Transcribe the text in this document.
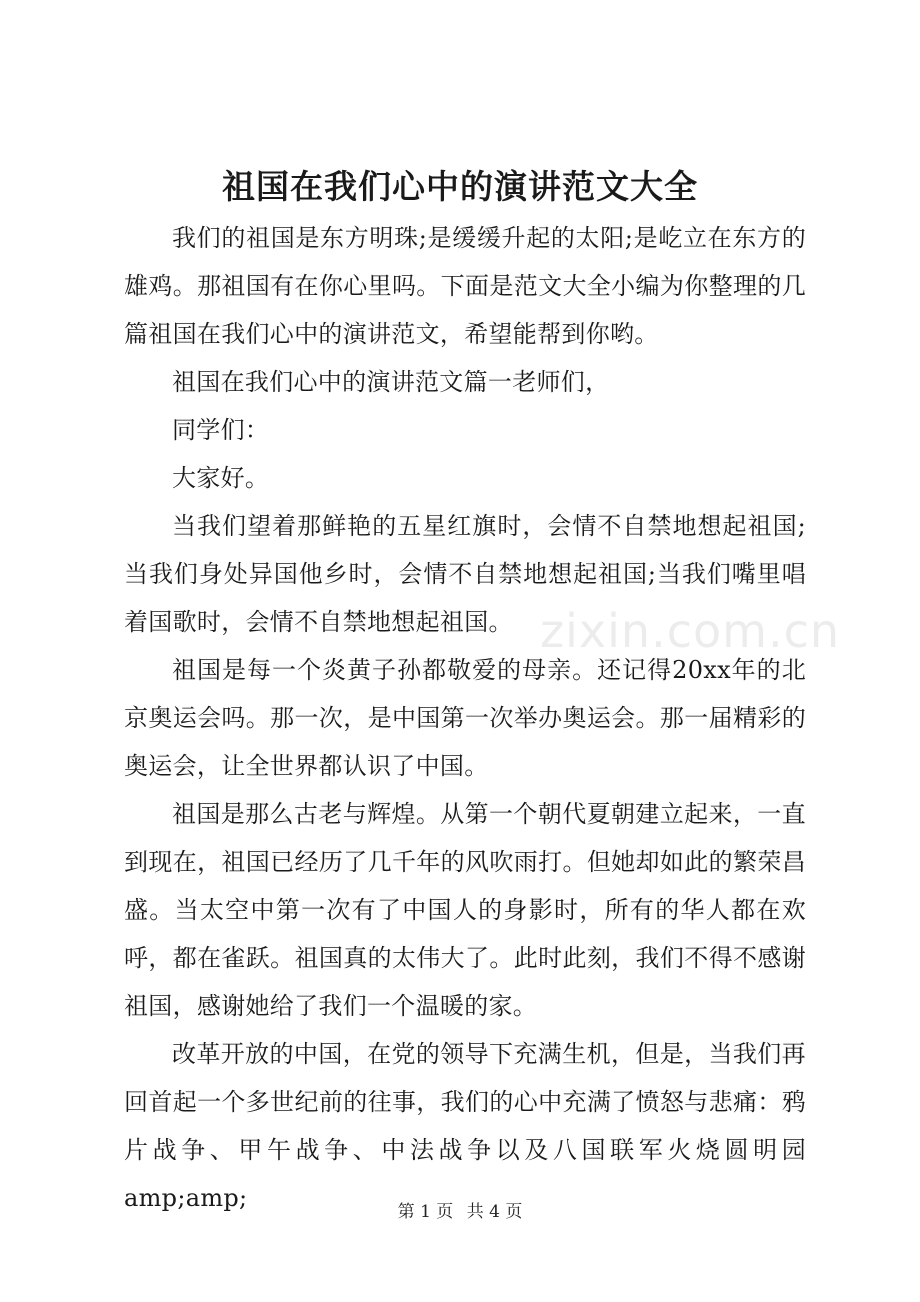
祖国在我们心中的演讲范文大全

我们的祖国是东方明珠;是缓缓升起的太阳;是屹立在东方的雄鸡。那祖国有在你心里吗。下面是范文大全小编为你整理的几篇祖国在我们心中的演讲范文，希望能帮到你哟。

祖国在我们心中的演讲范文篇一老师们，

同学们：

大家好。

当我们望着那鲜艳的五星红旗时，会情不自禁地想起祖国;当我们身处异国他乡时，会情不自禁地想起祖国;当我们嘴里唱着国歌时，会情不自禁地想起祖国。

祖国是每一个炎黄子孙都敬爱的母亲。还记得20xx年的北京奥运会吗。那一次，是中国第一次举办奥运会。那一届精彩的奥运会，让全世界都认识了中国。

祖国是那么古老与辉煌。从第一个朝代夏朝建立起来，一直到现在，祖国已经历了几千年的风吹雨打。但她却如此的繁荣昌盛。当太空中第一次有了中国人的身影时，所有的华人都在欢呼，都在雀跃。祖国真的太伟大了。此时此刻，我们不得不感谢祖国，感谢她给了我们一个温暖的家。

改革开放的中国，在党的领导下充满生机，但是，当我们再回首起一个多世纪前的往事，我们的心中充满了愤怒与悲痛：鸦片战争、甲午战争、中法战争以及八国联军火烧圆明园amp;amp;

zixin.com.cn
第 1 页 共 4 页
